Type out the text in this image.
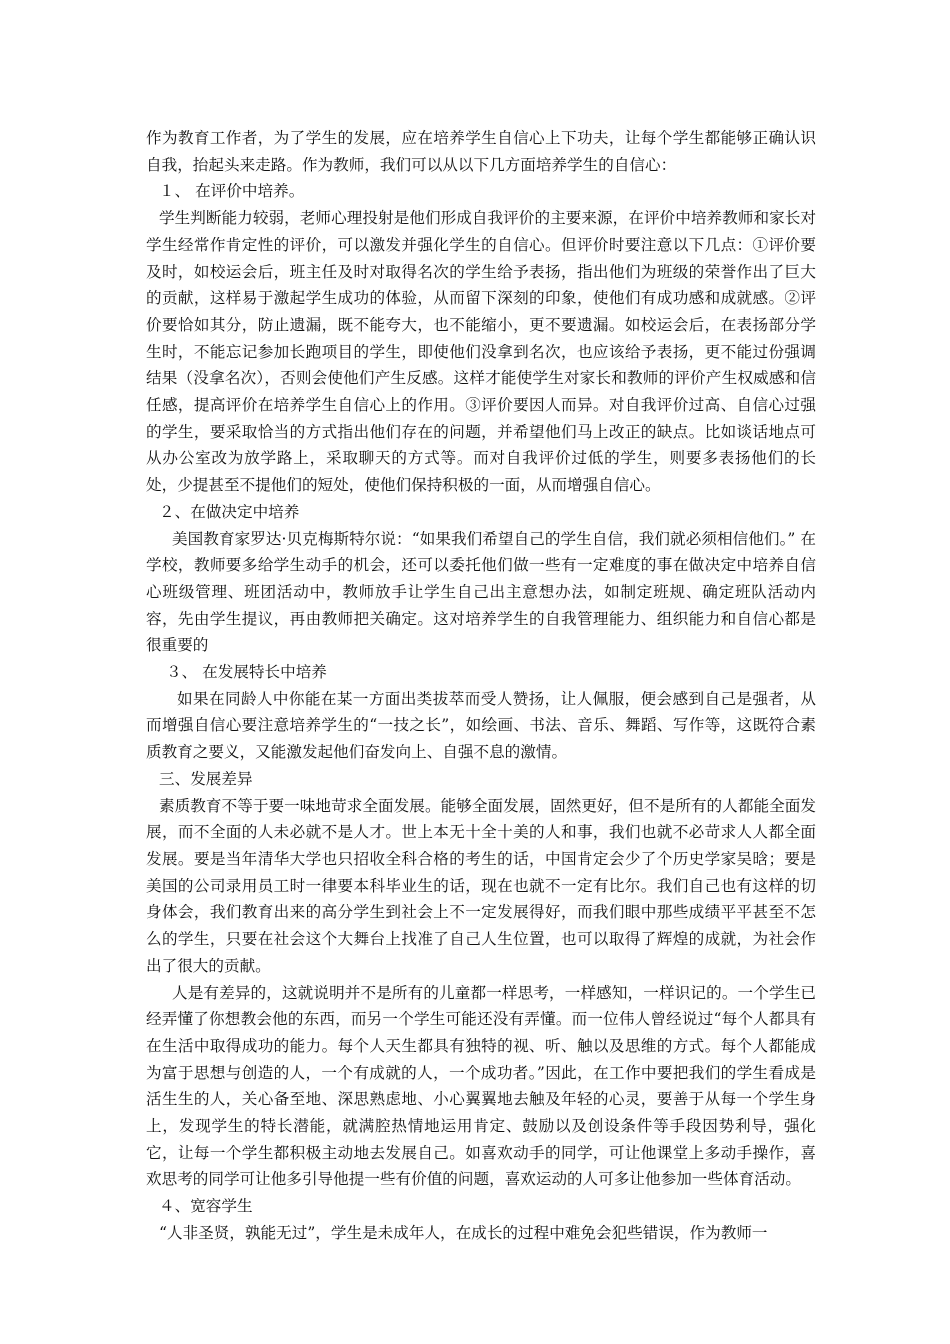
作为教育工作者，为了学生的发展，应在培养学生自信心上下功夫，让每个学生都能够正确认识自我，抬起头来走路。作为教师，我们可以从以下几方面培养学生的自信心：

１、 在评价中培养。

学生判断能力较弱，老师心理投射是他们形成自我评价的主要来源，在评价中培养教师和家长对学生经常作肯定性的评价，可以激发并强化学生的自信心。但评价时要注意以下几点：①评价要及时，如校运会后，班主任及时对取得名次的学生给予表扬，指出他们为班级的荣誉作出了巨大的贡献，这样易于激起学生成功的体验，从而留下深刻的印象，使他们有成功感和成就感。②评价要恰如其分，防止遗漏，既不能夸大，也不能缩小，更不要遗漏。如校运会后，在表扬部分学生时，不能忘记参加长跑项目的学生，即使他们没拿到名次，也应该给予表扬，更不能过份强调结果（没拿名次），否则会使他们产生反感。这样才能使学生对家长和教师的评价产生权威感和信任感，提高评价在培养学生自信心上的作用。③评价要因人而异。对自我评价过高、自信心过强的学生，要采取恰当的方式指出他们存在的问题，并希望他们马上改正的缺点。比如谈话地点可从办公室改为放学路上，采取聊天的方式等。而对自我评价过低的学生，则要多表扬他们的长处，少提甚至不提他们的短处，使他们保持积极的一面，从而增强自信心。

２、在做决定中培养

美国教育家罗达·贝克梅斯特尔说：“如果我们希望自己的学生自信，我们就必须相信他们。” 在学校，教师要多给学生动手的机会，还可以委托他们做一些有一定难度的事在做决定中培养自信心班级管理、班团活动中，教师放手让学生自己出主意想办法，如制定班规、确定班队活动内容，先由学生提议，再由教师把关确定。这对培养学生的自我管理能力、组织能力和自信心都是很重要的

３、 在发展特长中培养

如果在同龄人中你能在某一方面出类拔萃而受人赞扬，让人佩服，便会感到自己是强者，从而增强自信心要注意培养学生的“一技之长”，如绘画、书法、音乐、舞蹈、写作等，这既符合素质教育之要义，又能激发起他们奋发向上、自强不息的激情。

三、发展差异

素质教育不等于要一味地苛求全面发展。能够全面发展，固然更好，但不是所有的人都能全面发展，而不全面的人未必就不是人才。世上本无十全十美的人和事，我们也就不必苛求人人都全面发展。要是当年清华大学也只招收全科合格的考生的话，中国肯定会少了个历史学家吴晗；要是美国的公司录用员工时一律要本科毕业生的话，现在也就不一定有比尔。我们自己也有这样的切身体会，我们教育出来的高分学生到社会上不一定发展得好，而我们眼中那些成绩平平甚至不怎么的学生，只要在社会这个大舞台上找准了自己人生位置，也可以取得了辉煌的成就，为社会作出了很大的贡献。

人是有差异的，这就说明并不是所有的儿童都一样思考，一样感知，一样识记的。一个学生已经弄懂了你想教会他的东西，而另一个学生可能还没有弄懂。而一位伟人曾经说过“每个人都具有在生活中取得成功的能力。每个人天生都具有独特的视、听、触以及思维的方式。每个人都能成为富于思想与创造的人，一个有成就的人，一个成功者。”因此，在工作中要把我们的学生看成是活生生的人，关心备至地、深思熟虑地、小心翼翼地去触及年轻的心灵，要善于从每一个学生身上，发现学生的特长潜能，就满腔热情地运用肯定、鼓励以及创设条件等手段因势利导，强化它，让每一个学生都积极主动地去发展自己。如喜欢动手的同学，可让他课堂上多动手操作，喜欢思考的同学可让他多引导他提一些有价值的问题，喜欢运动的人可多让他参加一些体育活动。

４、宽容学生

“人非圣贤，孰能无过”，学生是未成年人，在成长的过程中难免会犯些错误，作为教师一
